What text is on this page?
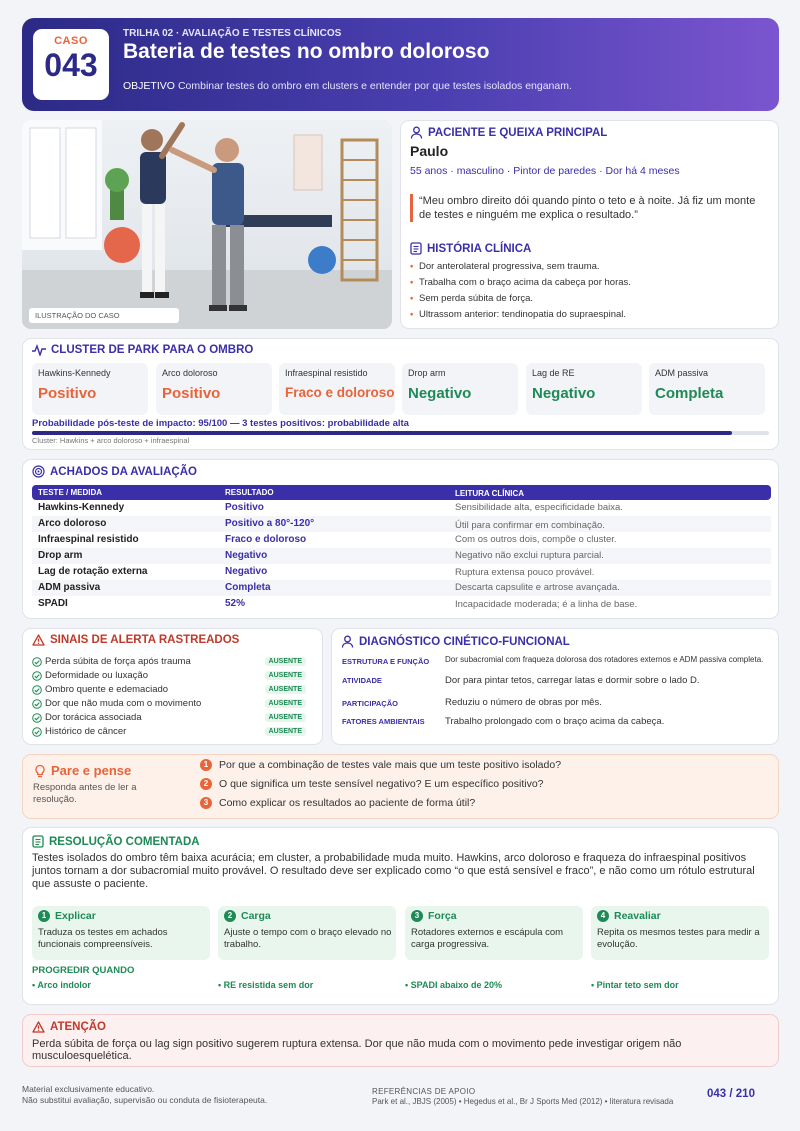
CASO
043
TRILHA 02 · AVALIAÇÃO E TESTES CLÍNICOS
Bateria de testes no ombro doloroso
OBJETIVO Combinar testes do ombro em clusters e entender por que testes isolados enganam.
ILUSTRAÇÃO DO CASO
PACIENTE E QUEIXA PRINCIPAL
Paulo
55 anos · masculino · Pintor de paredes · Dor há 4 meses
“Meu ombro direito dói quando pinto o teto e à noite. Já fiz um monte de testes e ninguém me explica o resultado.”
HISTÓRIA CLÍNICA
• Dor anterolateral progressiva, sem trauma.
• Trabalha com o braço acima da cabeça por horas.
• Sem perda súbita de força.
• Ultrassom anterior: tendinopatia do supraespinal.
CLUSTER DE PARK PARA O OMBRO
Hawkins-Kennedy
Positivo
Arco doloroso
Positivo
Infraespinal resistido
Fraco e doloroso
Drop arm
Negativo
Lag de RE
Negativo
ADM passiva
Completa
Probabilidade pós-teste de impacto: 95/100 — 3 testes positivos: probabilidade alta
Cluster: Hawkins + arco doloroso + infraespinal
ACHADOS DA AVALIAÇÃO
TESTE / MEDIDA	RESULTADO	LEITURA CLÍNICA
Hawkins-Kennedy	Positivo	Sensibilidade alta, especificidade baixa.
Arco doloroso	Positivo a 80°-120°	Útil para confirmar em combinação.
Infraespinal resistido	Fraco e doloroso	Com os outros dois, compõe o cluster.
Drop arm	Negativo	Negativo não exclui ruptura parcial.
Lag de rotação externa	Negativo	Ruptura extensa pouco provável.
ADM passiva	Completa	Descarta capsulite e artrose avançada.
SPADI	52%	Incapacidade moderada; é a linha de base.
SINAIS DE ALERTA RASTREADOS
Perda súbita de força após trauma	AUSENTE
Deformidade ou luxação	AUSENTE
Ombro quente e edemaciado	AUSENTE
Dor que não muda com o movimento	AUSENTE
Dor torácica associada	AUSENTE
Histórico de câncer	AUSENTE
DIAGNÓSTICO CINÉTICO-FUNCIONAL
ESTRUTURA E FUNÇÃO Dor subacromial com fraqueza dolorosa dos rotadores externos e ADM passiva completa.
ATIVIDADE	Dor para pintar tetos, carregar latas e dormir sobre o lado D.
PARTICIPAÇÃO	Reduziu o número de obras por mês.
FATORES AMBIENTAIS Trabalho prolongado com o braço acima da cabeça.
Pare e pense
Responda antes de ler a resolução.
1 Por que a combinação de testes vale mais que um teste positivo isolado?
2 O que significa um teste sensível negativo? E um específico positivo?
3 Como explicar os resultados ao paciente de forma útil?
RESOLUÇÃO COMENTADA
Testes isolados do ombro têm baixa acurácia; em cluster, a probabilidade muda muito. Hawkins, arco doloroso e fraqueza do infraespinal positivos juntos tornam a dor subacromial muito provável. O resultado deve ser explicado como “o que está sensível e fraco”, e não como um rótulo estrutural que assuste o paciente.
1 Explicar
Traduza os testes em achados funcionais compreensíveis.
2 Carga
Ajuste o tempo com o braço elevado no trabalho.
3 Força
Rotadores externos e escápula com carga progressiva.
4 Reavaliar
Repita os mesmos testes para medir a evolução.
PROGREDIR QUANDO
• Arco indolor	• RE resistida sem dor	• SPADI abaixo de 20%	• Pintar teto sem dor
ATENÇÃO
Perda súbita de força ou lag sign positivo sugerem ruptura extensa. Dor que não muda com o movimento pede investigar origem não musculoesquelética.
Material exclusivamente educativo.
Não substitui avaliação, supervisão ou conduta de fisioterapeuta.
REFERÊNCIAS DE APOIO
Park et al., JBJS (2005) • Hegedus et al., Br J Sports Med (2012) • literatura revisada
043 / 210
